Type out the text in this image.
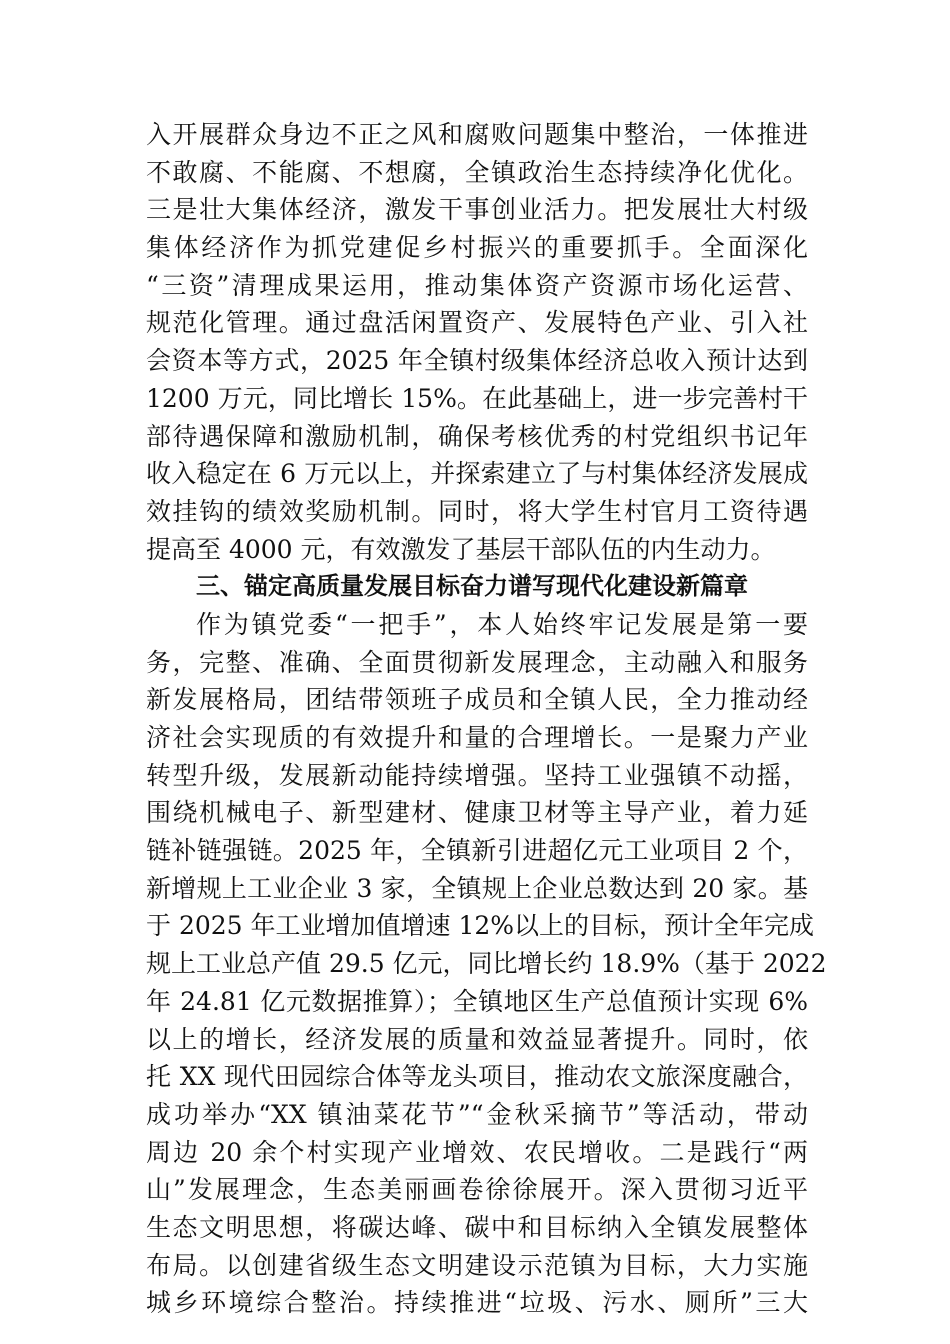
入开展群众身边不正之风和腐败问题集中整治，一体推进
不敢腐、不能腐、不想腐，全镇政治生态持续净化优化。
三是壮大集体经济，激发干事创业活力。把发展壮大村级
集体经济作为抓党建促乡村振兴的重要抓手。全面深化
“三资”清理成果运用，推动集体资产资源市场化运营、
规范化管理。通过盘活闲置资产、发展特色产业、引入社
会资本等方式，2025 年全镇村级集体经济总收入预计达到
1200 万元，同比增长 15%。在此基础上，进一步完善村干
部待遇保障和激励机制，确保考核优秀的村党组织书记年
收入稳定在 6 万元以上，并探索建立了与村集体经济发展成
效挂钩的绩效奖励机制。同时，将大学生村官月工资待遇
提高至 4000 元，有效激发了基层干部队伍的内生动力。
三、锚定高质量发展目标奋力谱写现代化建设新篇章
作为镇党委“一把手”，本人始终牢记发展是第一要
务，完整、准确、全面贯彻新发展理念，主动融入和服务
新发展格局，团结带领班子成员和全镇人民，全力推动经
济社会实现质的有效提升和量的合理增长。一是聚力产业
转型升级，发展新动能持续增强。坚持工业强镇不动摇，
围绕机械电子、新型建材、健康卫材等主导产业，着力延
链补链强链。2025 年，全镇新引进超亿元工业项目 2 个，
新增规上工业企业 3 家，全镇规上企业总数达到 20 家。基
于 2025 年工业增加值增速 12%以上的目标，预计全年完成
规上工业总产值 29.5 亿元，同比增长约 18.9%（基于 2022
年 24.81 亿元数据推算）；全镇地区生产总值预计实现 6%
以上的增长，经济发展的质量和效益显著提升。同时，依
托 XX 现代田园综合体等龙头项目，推动农文旅深度融合，
成功举办“XX 镇油菜花节”“金秋采摘节”等活动，带动
周边 20 余个村实现产业增效、农民增收。二是践行“两
山”发展理念，生态美丽画卷徐徐展开。深入贯彻习近平
生态文明思想，将碳达峰、碳中和目标纳入全镇发展整体
布局。以创建省级生态文明建设示范镇为目标，大力实施
城乡环境综合整治。持续推进“垃圾、污水、厕所”三大
